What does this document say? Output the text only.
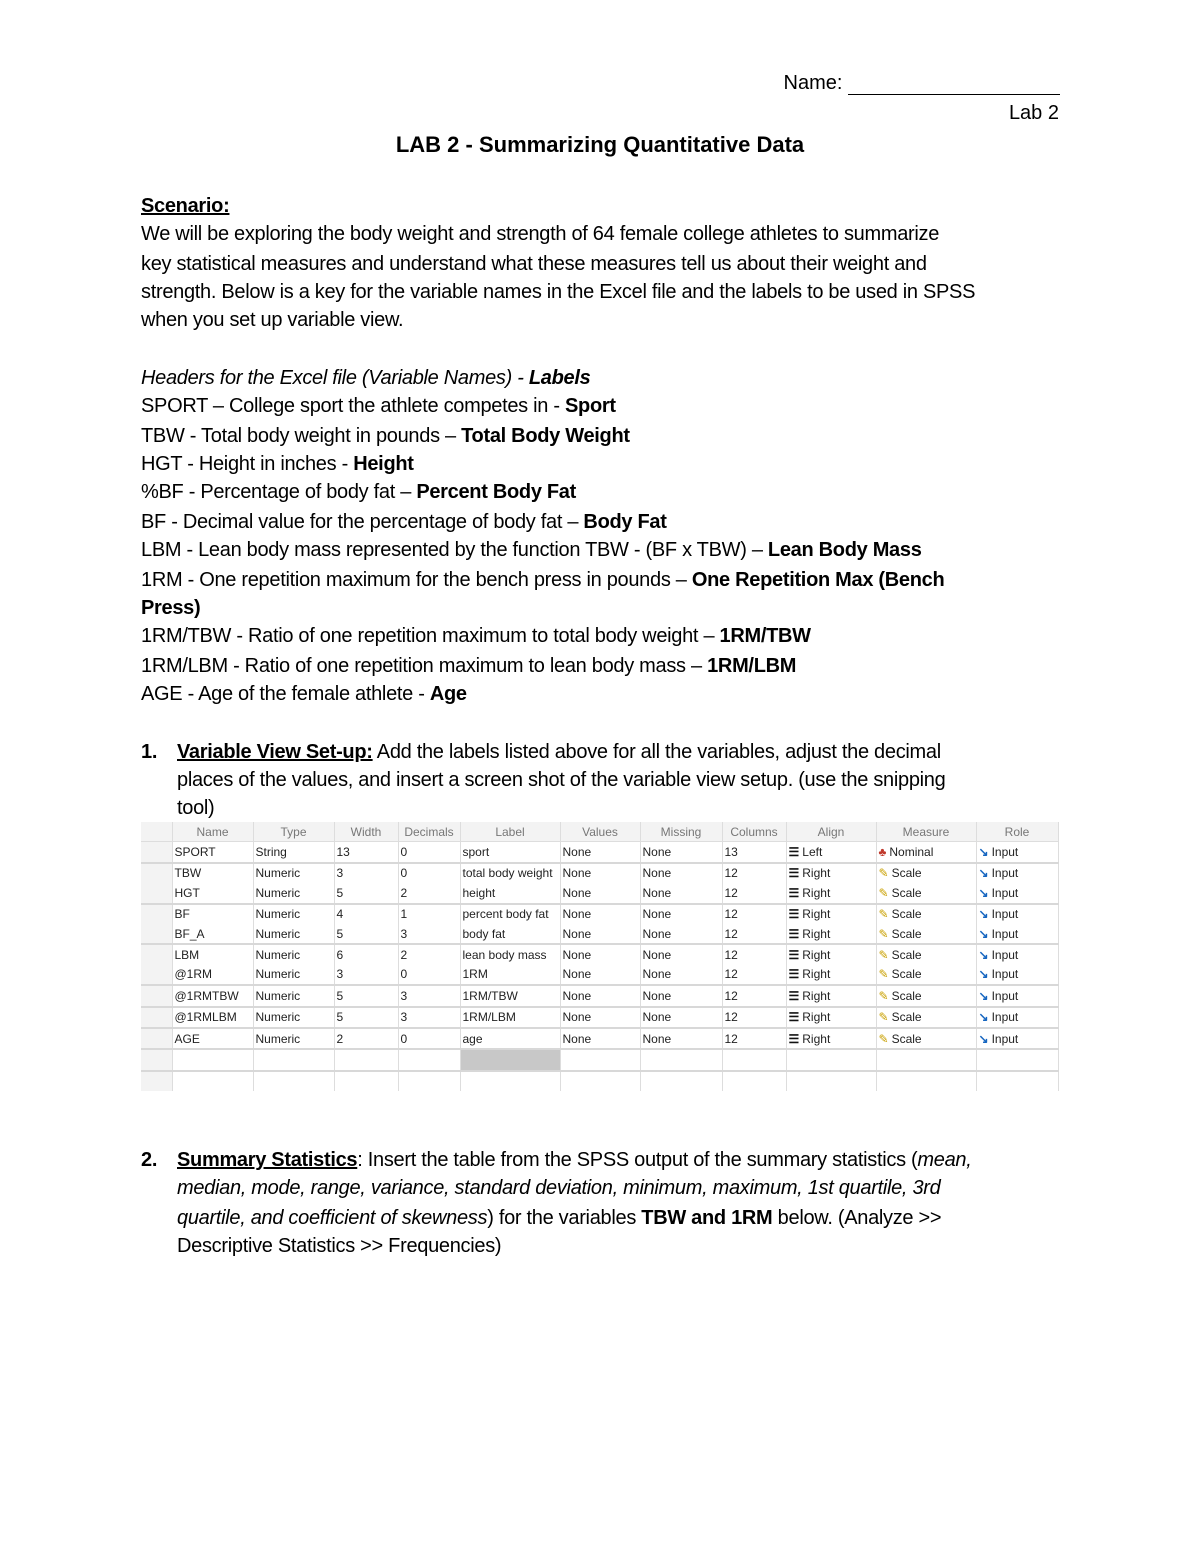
Name:
Lab 2
LAB 2 - Summarizing Quantitative Data
Scenario:
We will be exploring the body weight and strength of 64 female college athletes to summarize
key statistical measures and understand what these measures tell us about their weight and
strength. Below is a key for the variable names in the Excel file and the labels to be used in SPSS
when you set up variable view.
Headers for the Excel file (Variable Names) - Labels
SPORT – College sport the athlete competes in - Sport
TBW - Total body weight in pounds – Total Body Weight
HGT - Height in inches - Height
%BF - Percentage of body fat – Percent Body Fat
BF - Decimal value for the percentage of body fat – Body Fat
LBM - Lean body mass represented by the function TBW - (BF x TBW) – Lean Body Mass
1RM - One repetition maximum for the bench press in pounds – One Repetition Max (Bench
Press)
1RM/TBW - Ratio of one repetition maximum to total body weight – 1RM/TBW
1RM/LBM - Ratio of one repetition maximum to lean body mass – 1RM/LBM
AGE - Age of the female athlete - Age
1. Variable View Set-up: Add the labels listed above for all the variables, adjust the decimal
places of the values, and insert a screen shot of the variable view setup. (use the snipping
tool)
	Name	Type	Width	Decimals	Label	Values	Missing	Columns	Align	Measure	Role
	SPORT	String	13	0	sport	None	None	13	☰ Left	♣ Nominal	↘ Input
	TBW	Numeric	3	0	total body weight	None	None	12	☰ Right	✎ Scale	↘ Input
	HGT	Numeric	5	2	height	None	None	12	☰ Right	✎ Scale	↘ Input
	BF	Numeric	4	1	percent body fat	None	None	12	☰ Right	✎ Scale	↘ Input
	BF_A	Numeric	5	3	body fat	None	None	12	☰ Right	✎ Scale	↘ Input
	LBM	Numeric	6	2	lean body mass	None	None	12	☰ Right	✎ Scale	↘ Input
	@1RM	Numeric	3	0	1RM	None	None	12	☰ Right	✎ Scale	↘ Input
	@1RMTBW	Numeric	5	3	1RM/TBW	None	None	12	☰ Right	✎ Scale	↘ Input
	@1RMLBM	Numeric	5	3	1RM/LBM	None	None	12	☰ Right	✎ Scale	↘ Input
	AGE	Numeric	2	0	age	None	None	12	☰ Right	✎ Scale	↘ Input

2. Summary Statistics: Insert the table from the SPSS output of the summary statistics (mean,
median, mode, range, variance, standard deviation, minimum, maximum, 1st quartile, 3rd
quartile, and coefficient of skewness) for the variables TBW and 1RM below. (Analyze >>
Descriptive Statistics >> Frequencies)
